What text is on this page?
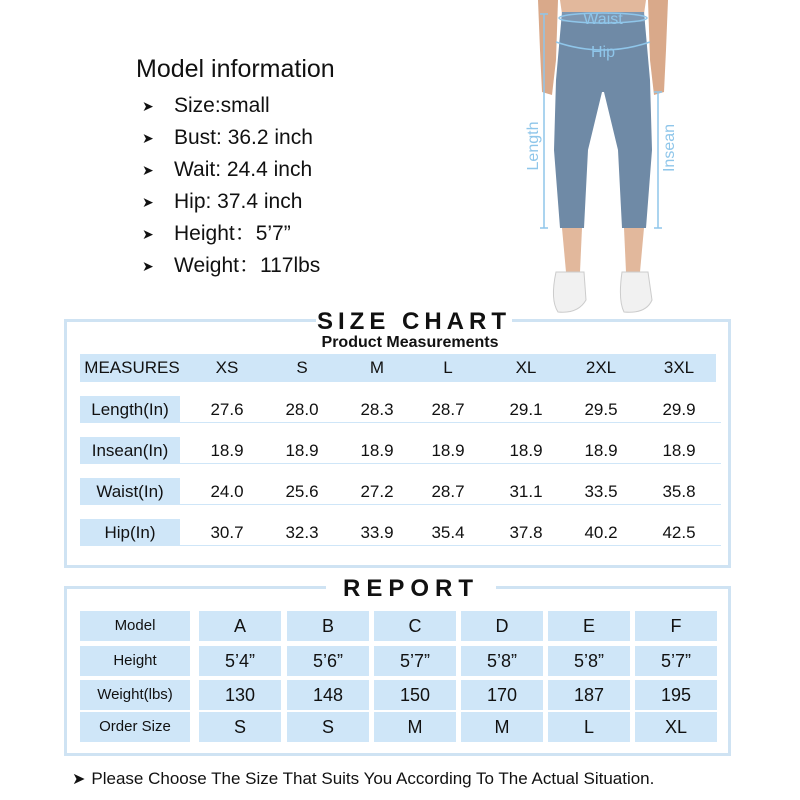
Model information
➤ Size:small
➤ Bust: 36.2 inch
➤ Wait: 24.4 inch
➤ Hip: 37.4 inch
➤ Height：5’7”
➤ Weight：117lbs
Waist
Hip
Length	Insean
SIZE CHART
Product Measurements
MEASURES	XS	S	M	L	XL	2XL	3XL
Length(In)	27.6	28.0	28.3	28.7	29.1	29.5	29.9
Insean(In)	18.9	18.9	18.9	18.9	18.9	18.9	18.9
Waist(In)	24.0	25.6	27.2	28.7	31.1	33.5	35.8
Hip(In)	30.7	32.3	33.9	35.4	37.8	40.2	42.5
REPORT
Model	A	B	C	D	E	F
Height	5’4”	5’6”	5’7”	5’8”	5’8”	5’7”
Weight(lbs)	130	148	150	170	187	195
Order Size	S	S	M	M	L	XL
➤ Please Choose The Size That Suits You According To The Actual Situation.
